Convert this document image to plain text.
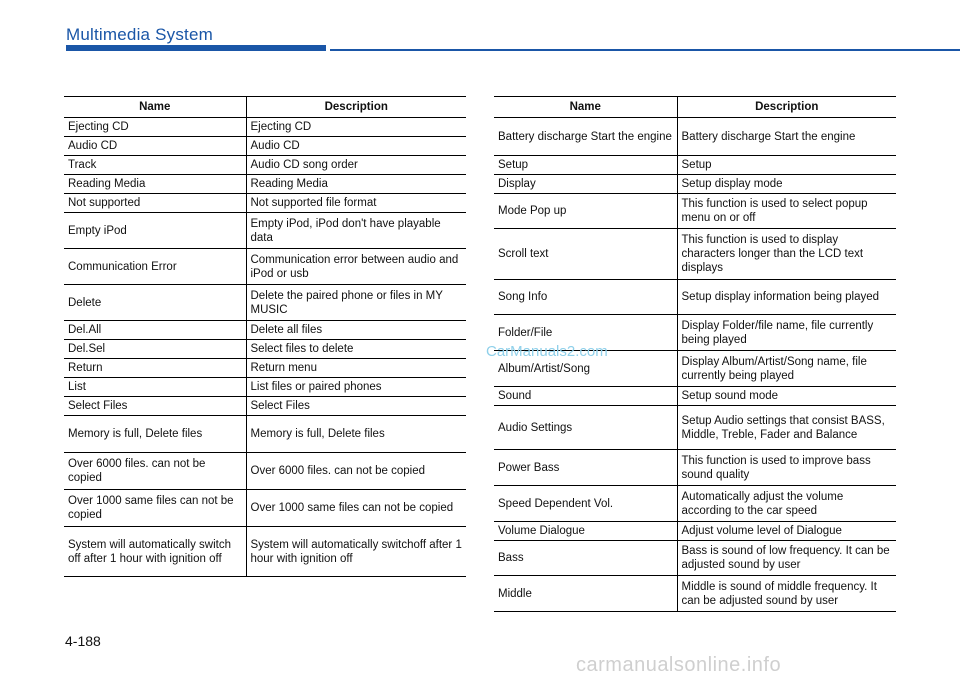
Multimedia System
Name	Description
Ejecting CD	Ejecting CD
Audio CD	Audio CD
Track	Audio CD song order
Reading Media	Reading Media
Not supported	Not supported file format
Empty iPod	Empty iPod, iPod don't have playable data
Communication Error	Communication error between audio and iPod or usb
Delete	Delete the paired phone or files in MY MUSIC
Del.All	Delete all files
Del.Sel	Select files to delete
Return	Return menu
List	List files or paired phones
Select Files	Select Files
Memory is full, Delete files	Memory is full, Delete files
Over 6000 files. can not be copied	Over 6000 files. can not be copied
Over 1000 same files can not be copied	Over 1000 same files can not be copied
System will automatically switch off after 1 hour with ignition off	System will automatically switchoff after 1 hour with ignition off
Name	Description
Battery discharge Start the engine	Battery discharge Start the engine
Setup	Setup
Display	Setup display mode
Mode Pop up	This function is used to select popup menu on or off
Scroll text	This function is used to display characters longer than the LCD text displays
Song Info	Setup display information being played
Folder/File	Display Folder/file name, file currently being played
Album/Artist/Song	Display Album/Artist/Song name, file currently being played
Sound	Setup sound mode
Audio Settings	Setup Audio settings that consist BASS, Middle, Treble, Fader and Balance
Power Bass	This function is used to improve bass sound quality
Speed Dependent Vol.	Automatically adjust the volume according to the car speed
Volume Dialogue	Adjust volume level of Dialogue
Bass	Bass is sound of low frequency. It can be adjusted sound by user
Middle	Middle is sound of middle frequency. It can be adjusted sound by user
CarManuals2.com
4-188
carmanualsonline.info
